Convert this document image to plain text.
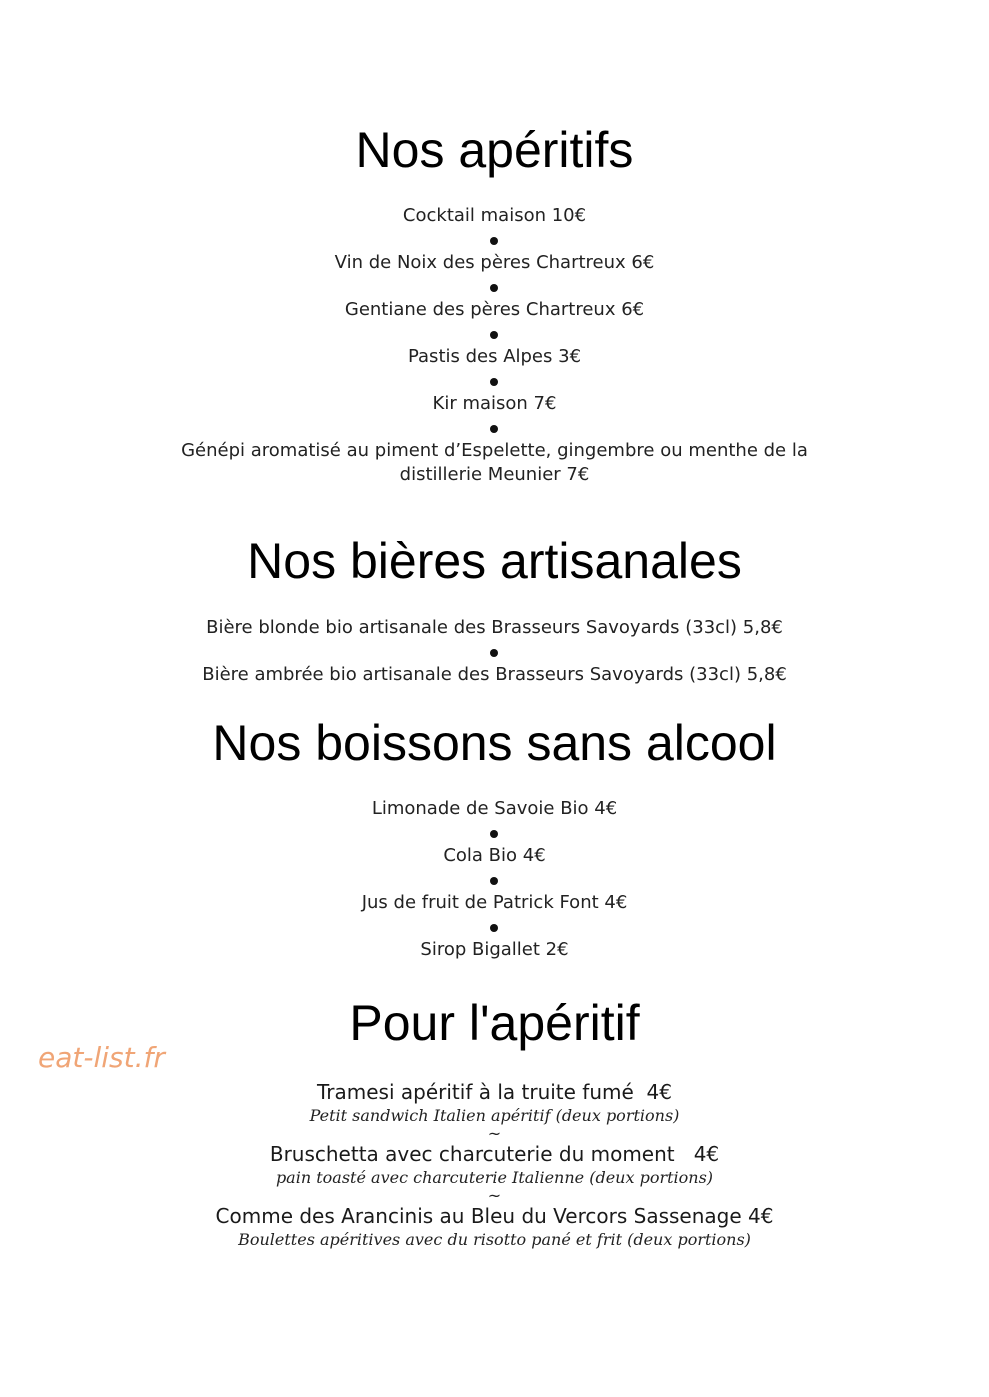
Nos apéritifs

Cocktail maison 10€

Vin de Noix des pères Chartreux 6€

Gentiane des pères Chartreux 6€

Pastis des Alpes 3€

Kir maison 7€

Génépi aromatisé au piment d’Espelette, gingembre ou menthe de la

distillerie Meunier 7€

Nos bières artisanales

Bière blonde bio artisanale des Brasseurs Savoyards (33cl) 5,8€

Bière ambrée bio artisanale des Brasseurs Savoyards (33cl) 5,8€

Nos boissons sans alcool

Limonade de Savoie Bio 4€

Cola Bio 4€

Jus de fruit de Patrick Font 4€

Sirop Bigallet 2€

Pour l'apéritif

Tramesi apéritif à la truite fumé  4€

Petit sandwich Italien apéritif (deux portions)

~

Bruschetta avec charcuterie du moment   4€

pain toasté avec charcuterie Italienne (deux portions)

~

Comme des Arancinis au Bleu du Vercors Sassenage 4€

Boulettes apéritives avec du risotto pané et frit (deux portions)

eat-list.fr
